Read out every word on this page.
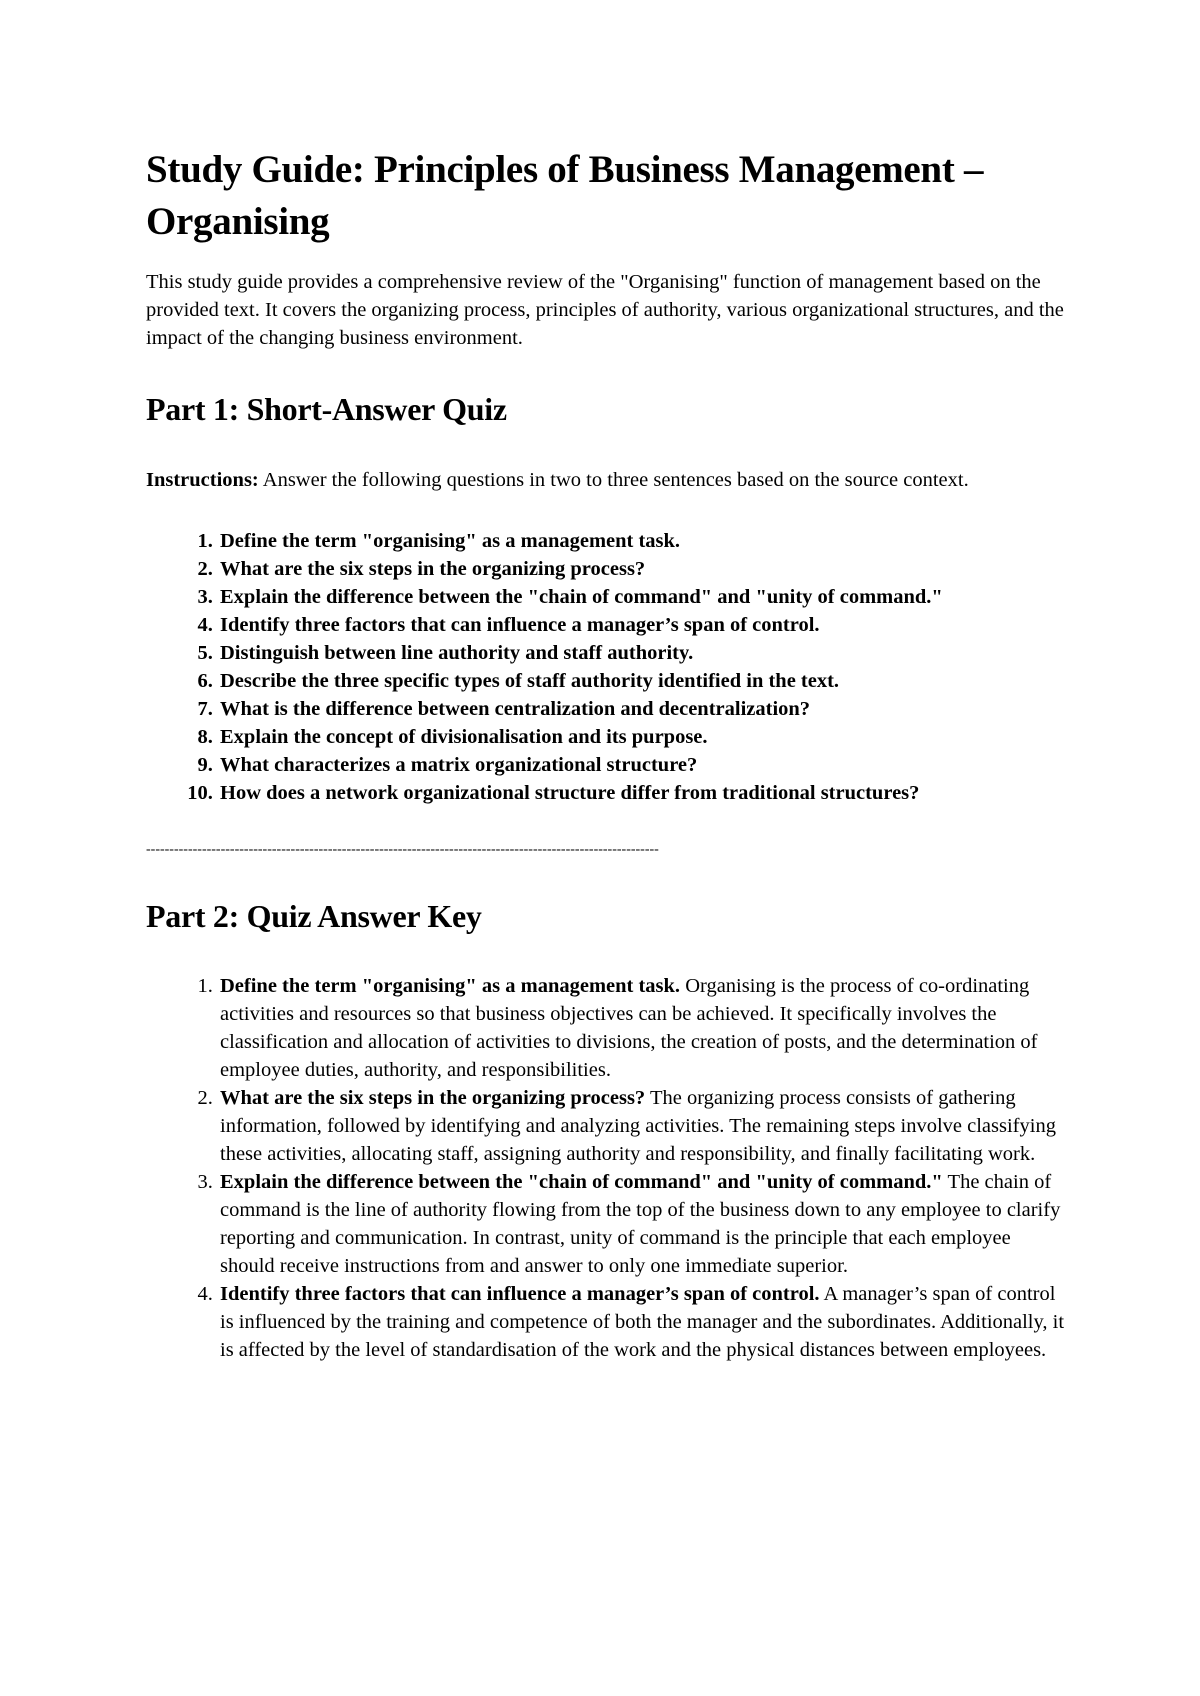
Study Guide: Principles of Business Management – Organising

This study guide provides a comprehensive review of the "Organising" function of management based on the provided text. It covers the organizing process, principles of authority, various organizational structures, and the impact of the changing business environment.

Part 1: Short-Answer Quiz

Instructions: Answer the following questions in two to three sentences based on the source context.

1. Define the term "organising" as a management task.
2. What are the six steps in the organizing process?
3. Explain the difference between the "chain of command" and "unity of command."
4. Identify three factors that can influence a manager’s span of control.
5. Distinguish between line authority and staff authority.
6. Describe the three specific types of staff authority identified in the text.
7. What is the difference between centralization and decentralization?
8. Explain the concept of divisionalisation and its purpose.
9. What characterizes a matrix organizational structure?
10. How does a network organizational structure differ from traditional structures?
--------------------------------------------------------------------------------------------------------------
Part 2: Quiz Answer Key
1. Define the term "organising" as a management task. Organising is the process of co-ordinating activities and resources so that business objectives can be achieved. It specifically involves the classification and allocation of activities to divisions, the creation of posts, and the determination of employee duties, authority, and responsibilities.
2. What are the six steps in the organizing process? The organizing process consists of gathering information, followed by identifying and analyzing activities. The remaining steps involve classifying these activities, allocating staff, assigning authority and responsibility, and finally facilitating work.
3. Explain the difference between the "chain of command" and "unity of command." The chain of command is the line of authority flowing from the top of the business down to any employee to clarify reporting and communication. In contrast, unity of command is the principle that each employee should receive instructions from and answer to only one immediate superior.
4. Identify three factors that can influence a manager’s span of control. A manager’s span of control is influenced by the training and competence of both the manager and the subordinates. Additionally, it is affected by the level of standardisation of the work and the physical distances between employees.
